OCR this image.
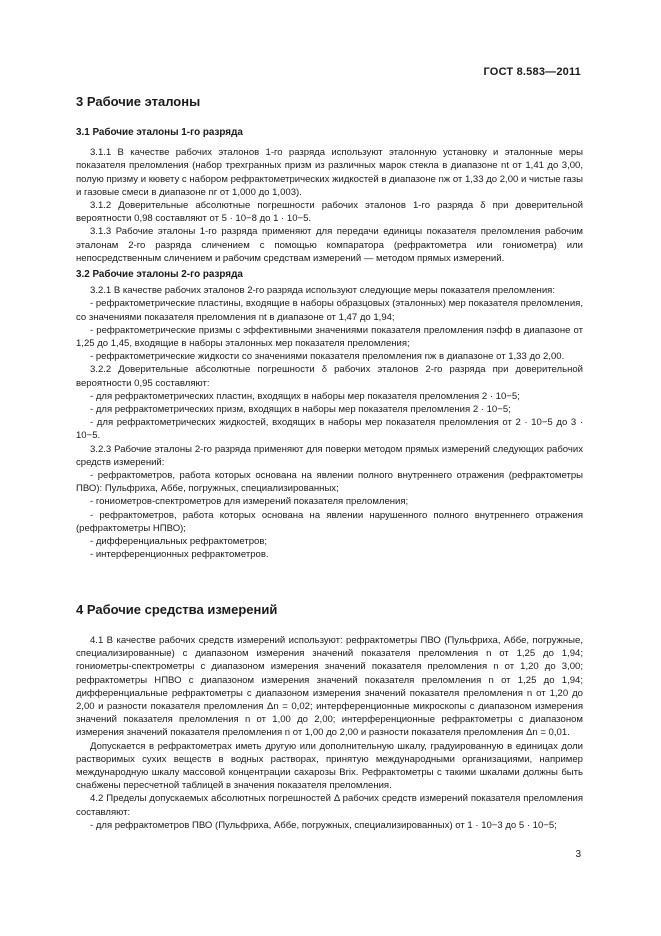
ГОСТ 8.583—2011
3 Рабочие эталоны
3.1 Рабочие эталоны 1-го разряда

3.1.1 В качестве рабочих эталонов 1-го разряда используют эталонную установку и эталонные меры показателя преломления (набор трехгранных призм из различных марок стекла в диапазоне nt от 1,41 до 3,00, полую призму и кювету с набором рефрактометрических жидкостей в диапазоне nж от 1,33 до 2,00 и чистые газы и газовые смеси в диапазоне nг от 1,000 до 1,003).

3.1.2 Доверительные абсолютные погрешности рабочих эталонов 1-го разряда δ при доверительной вероятности 0,98 составляют от 5 · 10−8 до 1 · 10−5.

3.1.3 Рабочие эталоны 1-го разряда применяют для передачи единицы показателя преломления рабочим эталонам 2-го разряда сличением с помощью компаратора (рефрактометра или гониометра) или непосредственным сличением и рабочим средствам измерений — методом прямых измерений.

3.2 Рабочие эталоны 2-го разряда

3.2.1 В качестве рабочих эталонов 2-го разряда используют следующие меры показателя преломления:

- рефрактометрические пластины, входящие в наборы образцовых (эталонных) мер показателя преломления, со значениями показателя преломления nt в диапазоне от 1,47 до 1,94;

- рефрактометрические призмы с эффективными значениями показателя преломления nэфф в диапазоне от 1,25 до 1,45, входящие в наборы эталонных мер показателя преломления;

- рефрактометрические жидкости со значениями показателя преломления nж в диапазоне от 1,33 до 2,00.

3.2.2 Доверительные абсолютные погрешности δ рабочих эталонов 2-го разряда при доверительной вероятности 0,95 составляют:

- для рефрактометрических пластин, входящих в наборы мер показателя преломления 2 · 10−5;

- для рефрактометрических призм, входящих в наборы мер показателя преломления 2 · 10−5;

- для рефрактометрических жидкостей, входящих в наборы мер показателя преломления от 2 · 10−5 до 3 · 10−5.

3.2.3 Рабочие эталоны 2-го разряда применяют для поверки методом прямых измерений следующих рабочих средств измерений:

- рефрактометров, работа которых основана на явлении полного внутреннего отражения (рефрактометры ПВО): Пульфриха, Аббе, погружных, специализированных;

- гониометров-спектрометров для измерений показателя преломления;

- рефрактометров, работа которых основана на явлении нарушенного полного внутреннего отражения (рефрактометры НПВО);

- дифференциальных рефрактометров;

- интерференционных рефрактометров.

4 Рабочие средства измерений

4.1 В качестве рабочих средств измерений используют: рефрактометры ПВО (Пульфриха, Аббе, погружные, специализированные) с диапазоном измерения значений показателя преломления n от 1,25 до 1,94; гониометры-спектрометры с диапазоном измерения значений показателя преломления n от 1,20 до 3,00; рефрактометры НПВО с диапазоном измерения значений показателя преломления n от 1,25 до 1,94; дифференциальные рефрактометры с диапазоном измерения значений показателя преломления n от 1,20 до 2,00 и разности показателя преломления Δn = 0,02; интерференционные микроскопы с диапазоном измерения значений показателя преломления n от 1,00 до 2,00; интерференционные рефрактометры с диапазоном измерения значений показателя преломления n от 1,00 до 2,00 и разности показателя преломления Δn = 0,01.

Допускается в рефрактометрах иметь другую или дополнительную шкалу, градуированную в единицах доли растворимых сухих веществ в водных растворах, принятую международными организациями, например международную шкалу массовой концентрации сахарозы Brix. Рефрактометры с такими шкалами должны быть снабжены пересчетной таблицей в значения показателя преломления.

4.2 Пределы допускаемых абсолютных погрешностей Δ рабочих средств измерений показателя преломления составляют:

- для рефрактометров ПВО (Пульфриха, Аббе, погружных, специализированных) от 1 · 10−3 до 5 · 10−5;

3
